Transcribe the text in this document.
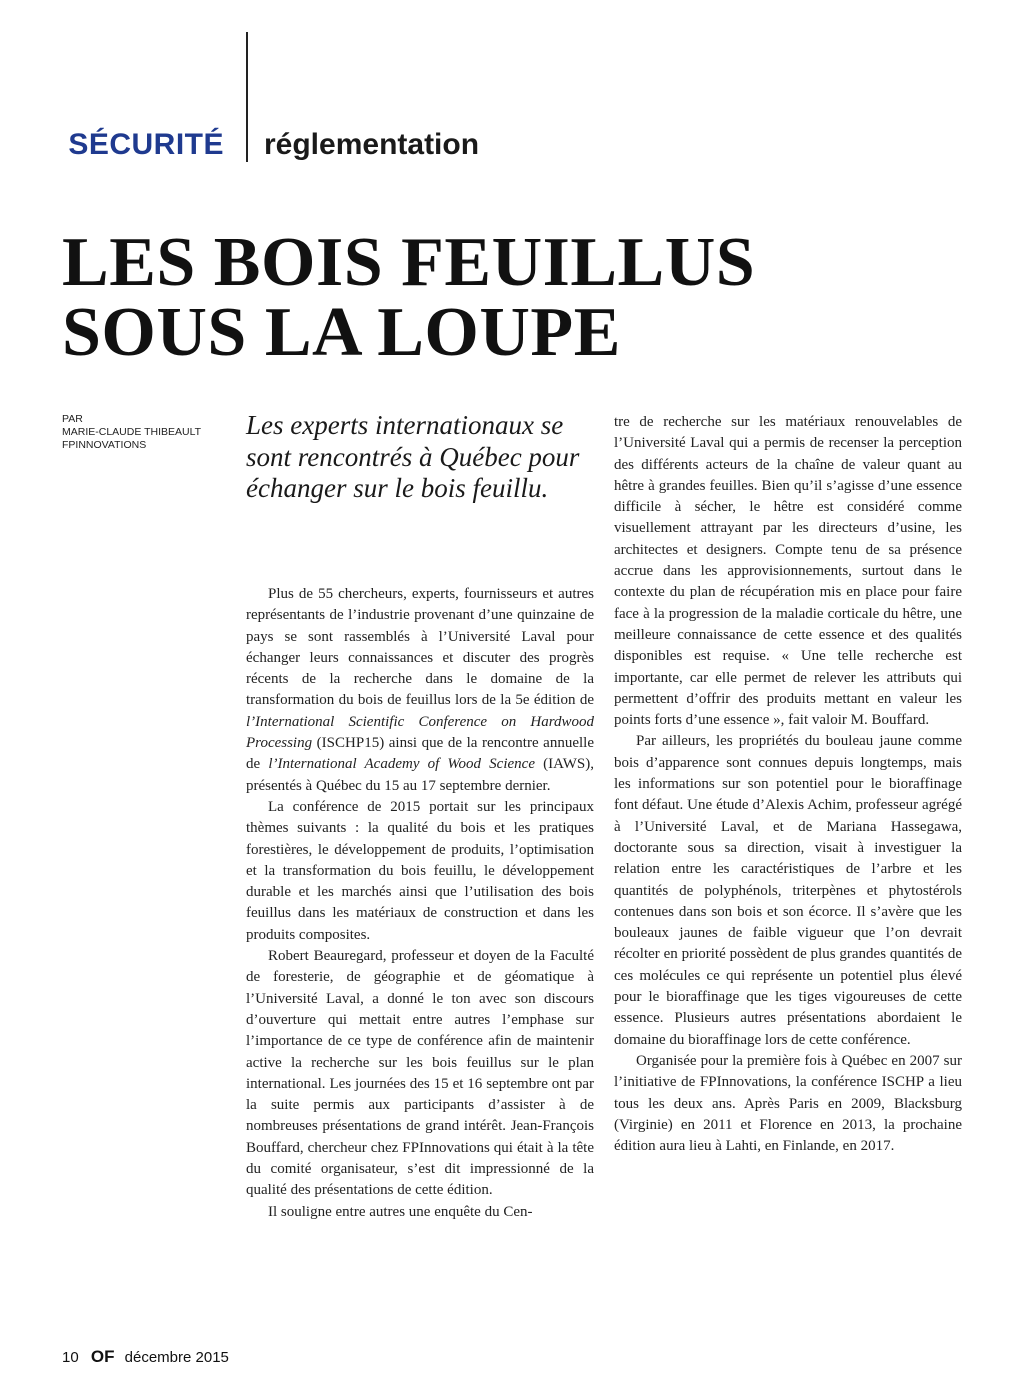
SÉCURITÉ réglementation
LES BOIS FEUILLUS
SOUS LA LOUPE
PAR
MARIE-CLAUDE THIBEAULT
FPINNOVATIONS

Les experts internationaux se sont rencontrés à Québec pour échanger sur le bois feuillu.

Plus de 55 chercheurs, experts, fournisseurs et autres représentants de l’industrie provenant d’une quinzaine de pays se sont rassemblés à l’Université Laval pour échanger leurs connaissances et discuter des progrès récents de la recherche dans le domaine de la transformation du bois de feuillus lors de la 5e édition de l’International Scientific Conference on Hardwood Processing (ISCHP15) ainsi que de la rencontre annuelle de l’International Academy of Wood Science (IAWS), présentés à Québec du 15 au 17 septembre dernier.

La conférence de 2015 portait sur les principaux thèmes suivants : la qualité du bois et les pratiques forestières, le développement de produits, l’optimisation et la transformation du bois feuillu, le développement durable et les marchés ainsi que l’utilisation des bois feuillus dans les matériaux de construction et dans les produits composites.

Robert Beauregard, professeur et doyen de la Faculté de foresterie, de géographie et de géomatique à l’Université Laval, a donné le ton avec son discours d’ouverture qui mettait entre autres l’emphase sur l’importance de ce type de conférence afin de maintenir active la recherche sur les bois feuillus sur le plan international. Les journées des 15 et 16 septembre ont par la suite permis aux participants d’assister à de nombreuses présentations de grand intérêt. Jean-François Bouffard, chercheur chez FPInnovations qui était à la tête du comité organisateur, s’est dit impressionné de la qualité des présentations de cette édition.

Il souligne entre autres une enquête du Cen-

tre de recherche sur les matériaux renouvelables de l’Université Laval qui a permis de recenser la perception des différents acteurs de la chaîne de valeur quant au hêtre à grandes feuilles. Bien qu’il s’agisse d’une essence difficile à sécher, le hêtre est considéré comme visuellement attrayant par les directeurs d’usine, les architectes et designers. Compte tenu de sa présence accrue dans les approvisionnements, surtout dans le contexte du plan de récupération mis en place pour faire face à la progression de la maladie corticale du hêtre, une meilleure connaissance de cette essence et des qualités disponibles est requise. « Une telle recherche est importante, car elle permet de relever les attributs qui permettent d’offrir des produits mettant en valeur les points forts d’une essence », fait valoir M. Bouffard.

Par ailleurs, les propriétés du bouleau jaune comme bois d’apparence sont connues depuis longtemps, mais les informations sur son potentiel pour le bioraffinage font défaut. Une étude d’Alexis Achim, professeur agrégé à l’Université Laval, et de Mariana Hassegawa, doctorante sous sa direction, visait à investiguer la relation entre les caractéristiques de l’arbre et les quantités de polyphénols, triterpènes et phytostérols contenues dans son bois et son écorce. Il s’avère que les bouleaux jaunes de faible vigueur que l’on devrait récolter en priorité possèdent de plus grandes quantités de ces molécules ce qui représente un potentiel plus élevé pour le bioraffinage que les tiges vigoureuses de cette essence. Plusieurs autres présentations abordaient le domaine du bioraffinage lors de cette conférence.

Organisée pour la première fois à Québec en 2007 sur l’initiative de FPInnovations, la conférence ISCHP a lieu tous les deux ans. Après Paris en 2009, Blacksburg (Virginie) en 2011 et Florence en 2013, la prochaine édition aura lieu à Lahti, en Finlande, en 2017.

10 OF décembre 2015
